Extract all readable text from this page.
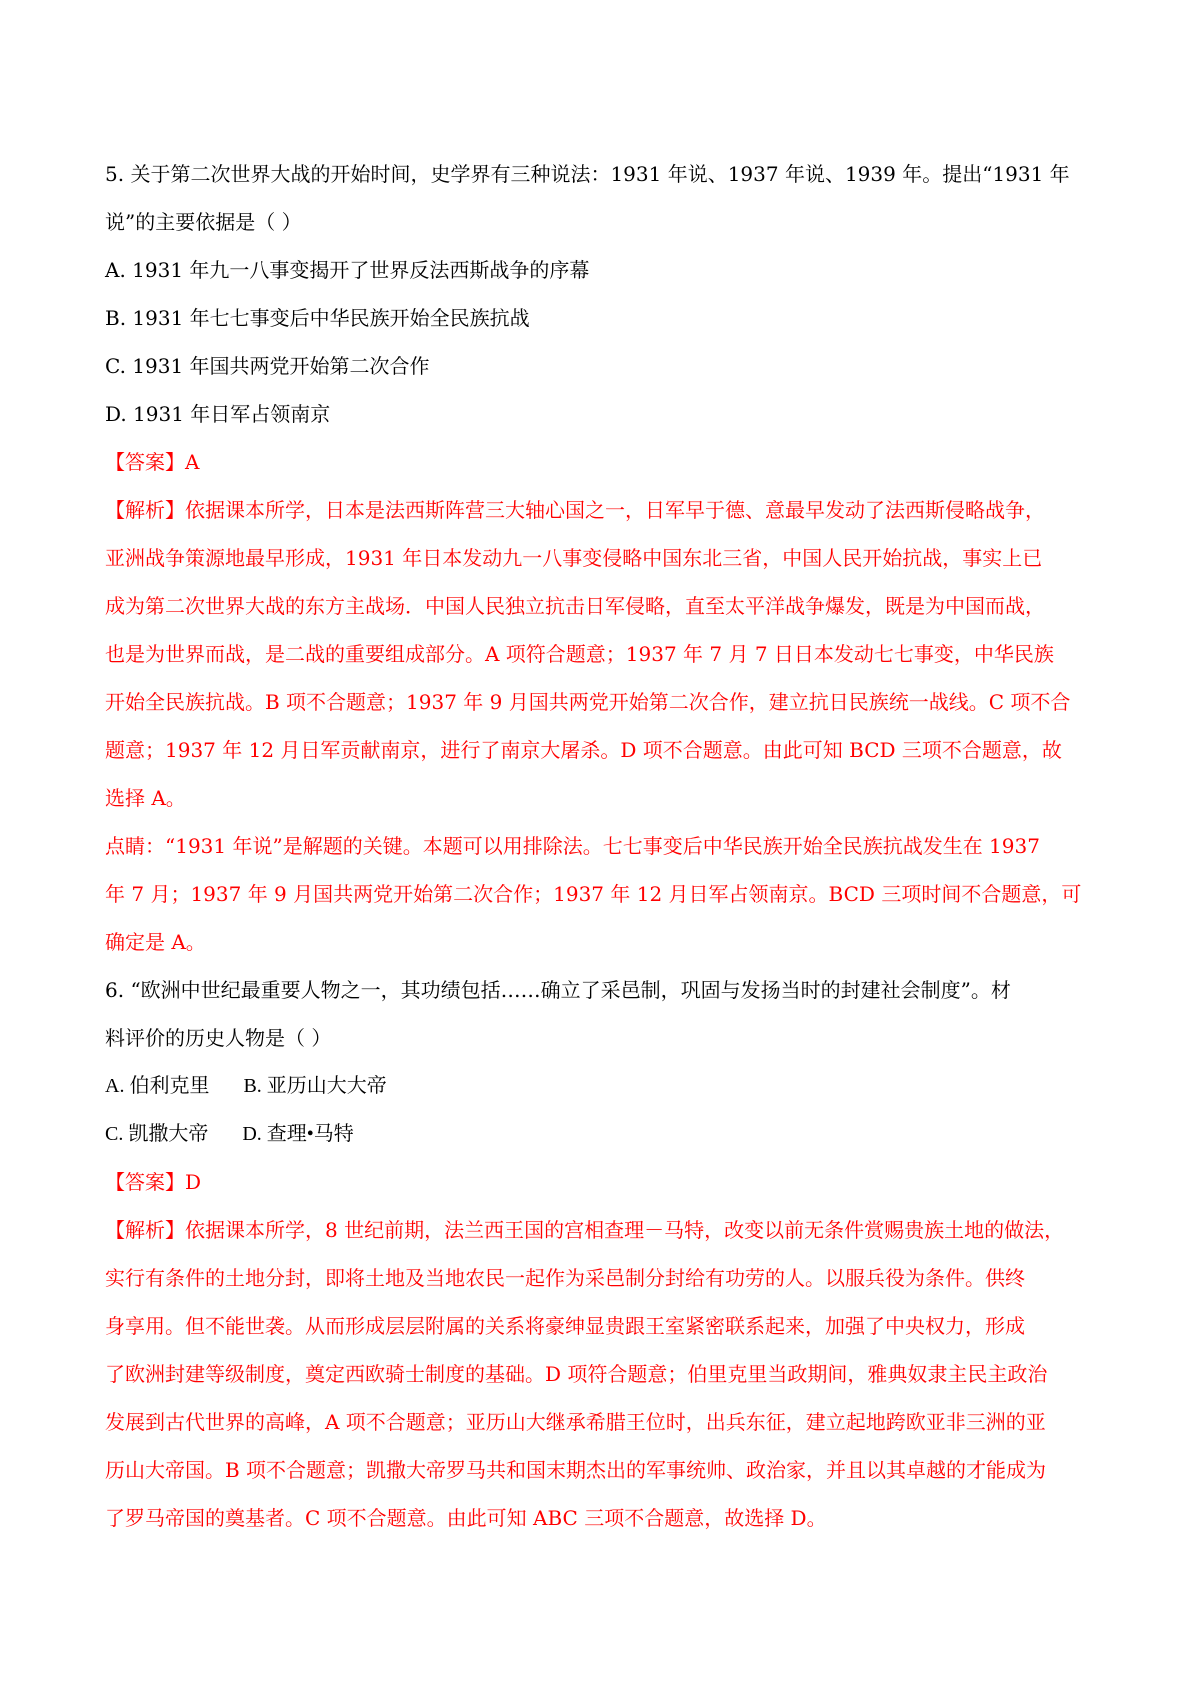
5. 关于第二次世界大战的开始时间，史学界有三种说法：1931 年说、1937 年说、1939 年。提出“1931 年
说”的主要依据是（ ）
A. 1931 年九一八事变揭开了世界反法西斯战争的序幕
B. 1931 年七七事变后中华民族开始全民族抗战
C. 1931 年国共两党开始第二次合作
D. 1931 年日军占领南京
【答案】A
【解析】依据课本所学，日本是法西斯阵营三大轴心国之一，日军早于德、意最早发动了法西斯侵略战争，
亚洲战争策源地最早形成，1931 年日本发动九一八事变侵略中国东北三省，中国人民开始抗战，事实上已
成为第二次世界大战的东方主战场．中国人民独立抗击日军侵略，直至太平洋战争爆发，既是为中国而战，
也是为世界而战，是二战的重要组成部分。A 项符合题意；1937 年 7 月 7 日日本发动七七事变，中华民族
开始全民族抗战。B 项不合题意；1937 年 9 月国共两党开始第二次合作，建立抗日民族统一战线。C 项不合
题意；1937 年 12 月日军贡献南京，进行了南京大屠杀。D 项不合题意。由此可知 BCD 三项不合题意，故
选择 A。
点睛：“1931 年说”是解题的关键。本题可以用排除法。七七事变后中华民族开始全民族抗战发生在 1937
年 7 月；1937 年 9 月国共两党开始第二次合作；1937 年 12 月日军占领南京。BCD 三项时间不合题意，可
确定是 A。
6. “欧洲中世纪最重要人物之一，其功绩包括……确立了采邑制，巩固与发扬当时的封建社会制度”。材
料评价的历史人物是（ ）
A. 伯利克里 B. 亚历山大大帝
C. 凯撒大帝 D. 查理•马特
【答案】D
【解析】依据课本所学，8 世纪前期，法兰西王国的宫相查理－马特，改变以前无条件赏赐贵族土地的做法，
实行有条件的土地分封，即将土地及当地农民一起作为采邑制分封给有功劳的人。以服兵役为条件。供终
身享用。但不能世袭。从而形成层层附属的关系将豪绅显贵跟王室紧密联系起来，加强了中央权力，形成
了欧洲封建等级制度，奠定西欧骑士制度的基础。D 项符合题意；伯里克里当政期间，雅典奴隶主民主政治
发展到古代世界的高峰，A 项不合题意；亚历山大继承希腊王位时，出兵东征，建立起地跨欧亚非三洲的亚
历山大帝国。B 项不合题意；凯撒大帝罗马共和国末期杰出的军事统帅、政治家，并且以其卓越的才能成为
了罗马帝国的奠基者。C 项不合题意。由此可知 ABC 三项不合题意，故选择 D。
